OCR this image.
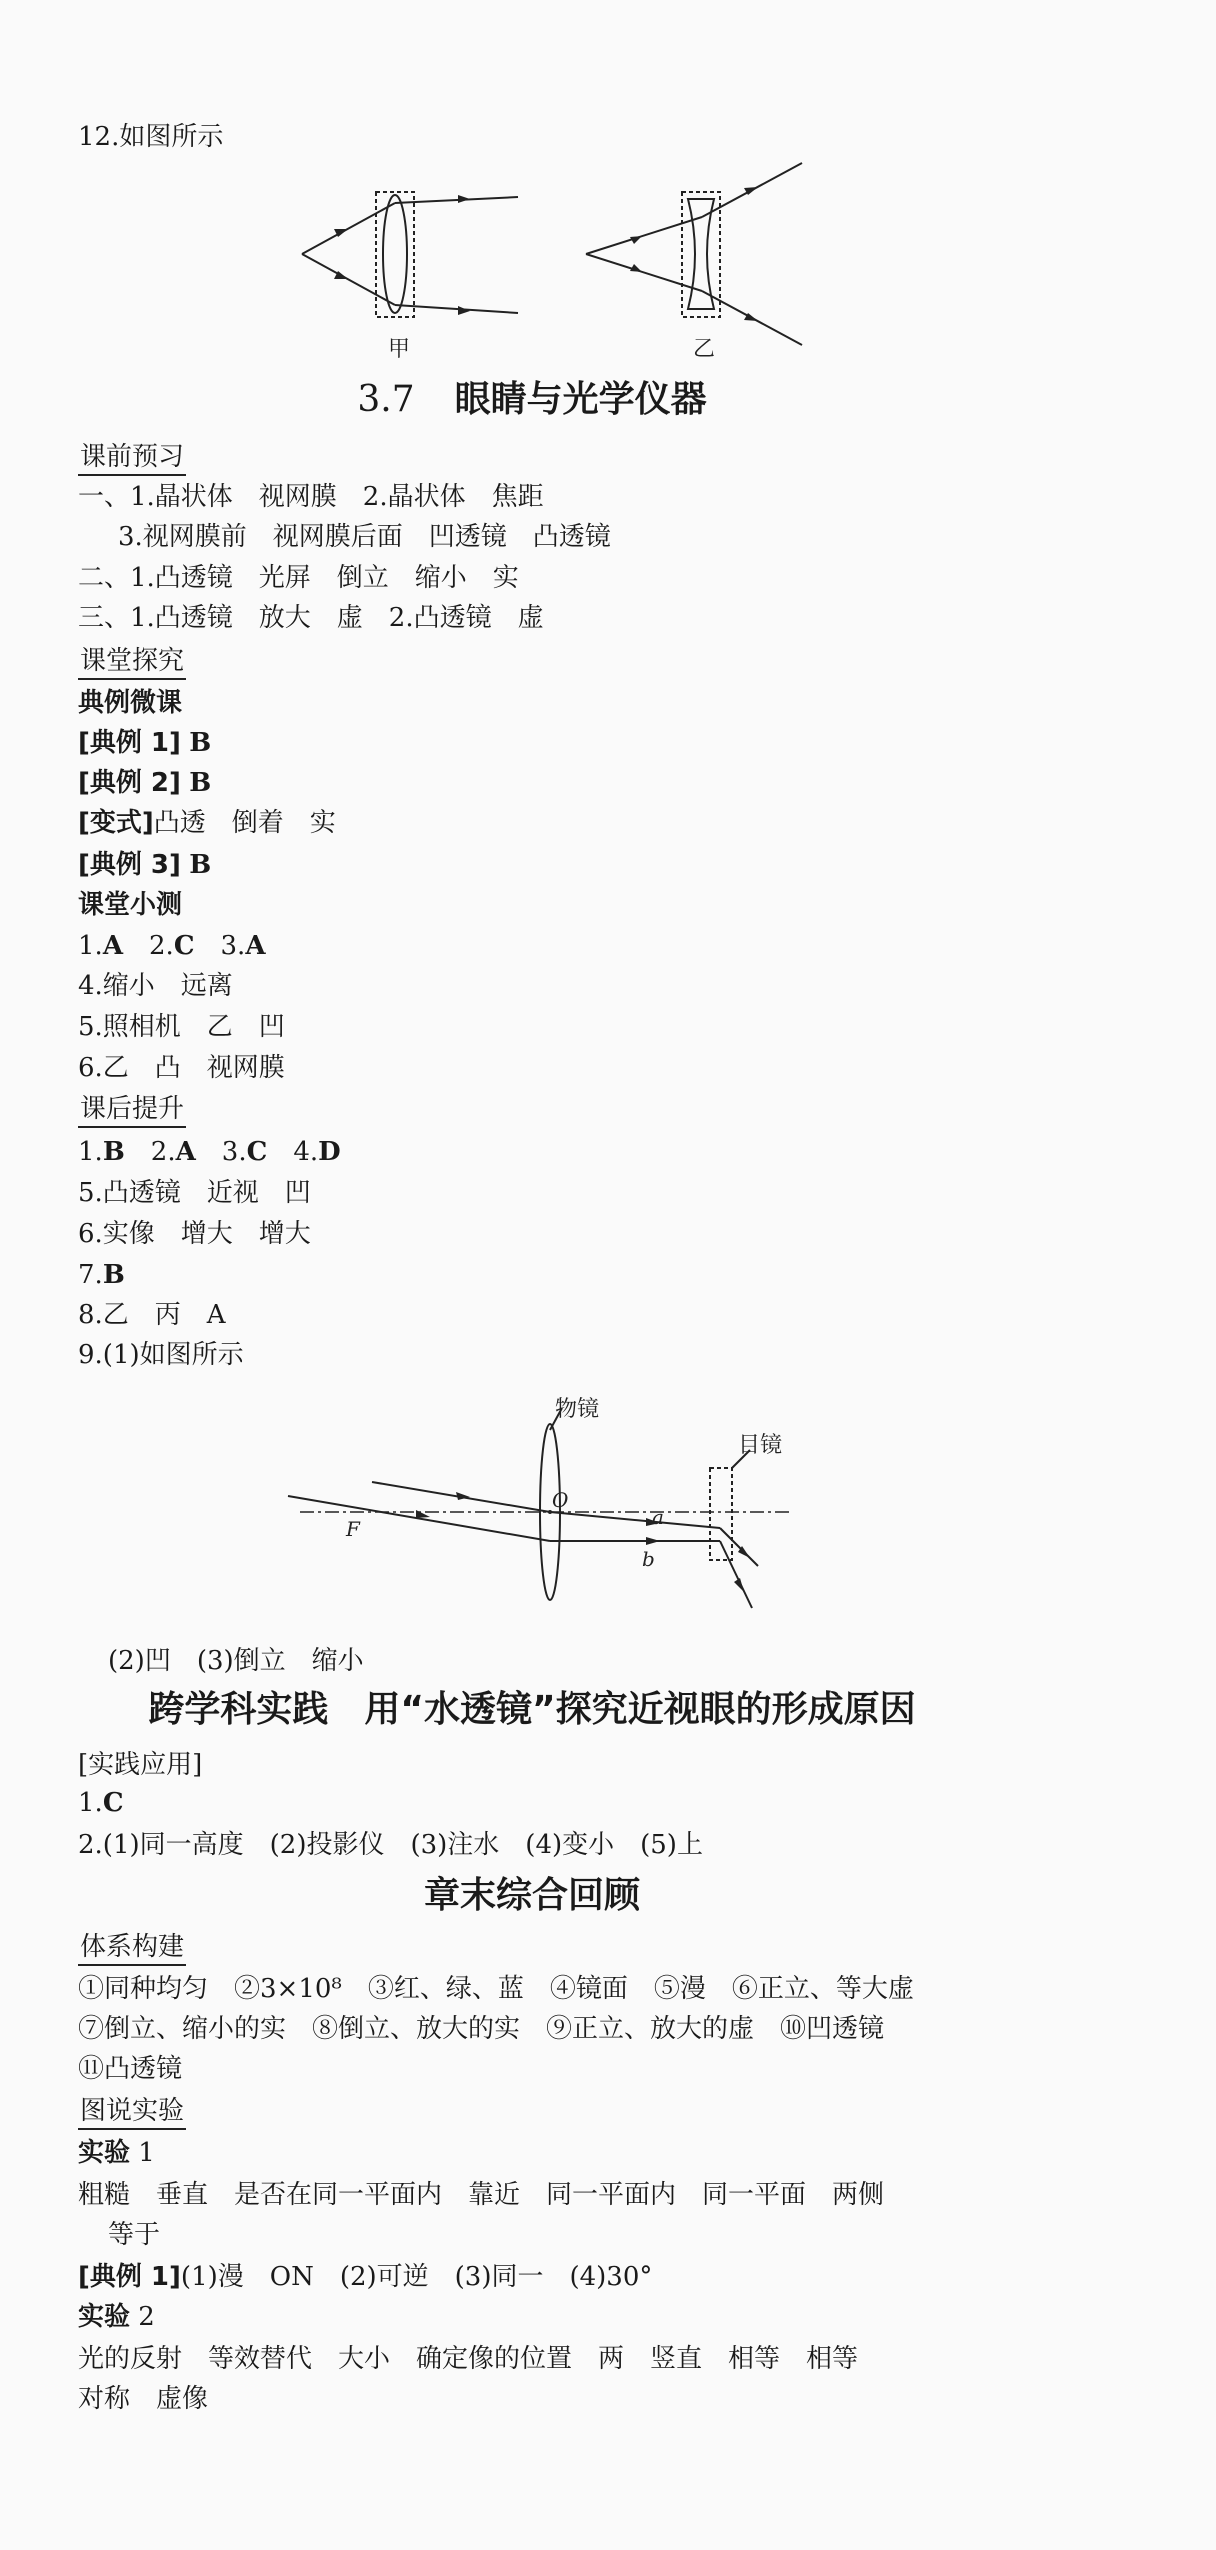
12.如图所示
甲	乙
3.7 眼睛与光学仪器
课前预习
一、1.晶状体　视网膜　2.晶状体　焦距
3.视网膜前　视网膜后面　凹透镜　凸透镜
二、1.凸透镜　光屏　倒立　缩小　实
三、1.凸透镜　放大　虚　2.凸透镜　虚
课堂探究
典例微课
[典例 1] B
[典例 2] B
[变式]凸透　倒着　实
[典例 3] B
课堂小测
1.A　2.C　3.A
4.缩小　远离
5.照相机　乙　凹
6.乙　凸　视网膜
课后提升
1.B　2.A　3.C　4.D
5.凸透镜　近视　凹
6.实像　增大　增大
7.B
8.乙　丙　A
9.(1)如图所示
物镜
目镜
O
F	a
b
(2)凹　(3)倒立　缩小
跨学科实践　用“水透镜”探究近视眼的形成原因
[实践应用]
1.C
2.(1)同一高度　(2)投影仪　(3)注水　(4)变小　(5)上
章末综合回顾
体系构建
①同种均匀　②3×10⁸　③红、绿、蓝　④镜面　⑤漫　⑥正立、等大虚
⑦倒立、缩小的实　⑧倒立、放大的实　⑨正立、放大的虚　⑩凹透镜
⑪凸透镜
图说实验
实验 1
粗糙　垂直　是否在同一平面内　靠近　同一平面内　同一平面　两侧
等于
[典例 1](1)漫　ON　(2)可逆　(3)同一　(4)30°
实验 2
光的反射　等效替代　大小　确定像的位置　两　竖直　相等　相等
对称　虚像
